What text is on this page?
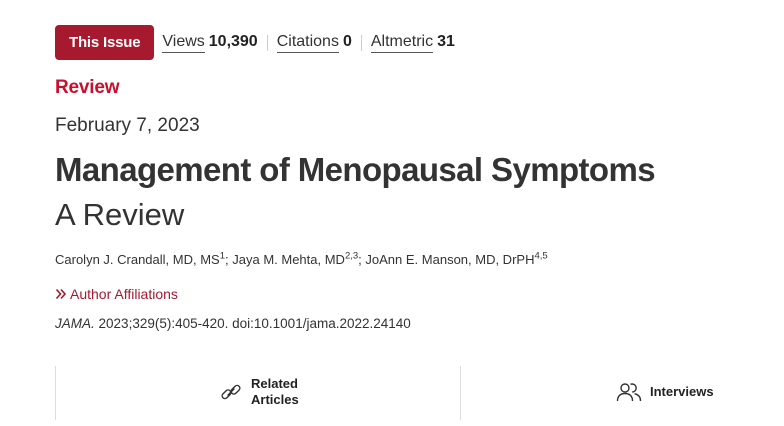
This Issue	Views 10,390 Citations 0 Altmetric 31
Review
February 7, 2023
Management of Menopausal Symptoms
A Review
Carolyn J. Crandall, MD, $MS^1$; Jaya M. Mehta, MD$^{2,3}$; JoAnn E. Manson, MD, DrPH$^{4,5}$
Author Affiliations
JAMA. 2023;329(5):405-420. doi:10.1001/jama.2022.24140
Related
Articles
Interviews
